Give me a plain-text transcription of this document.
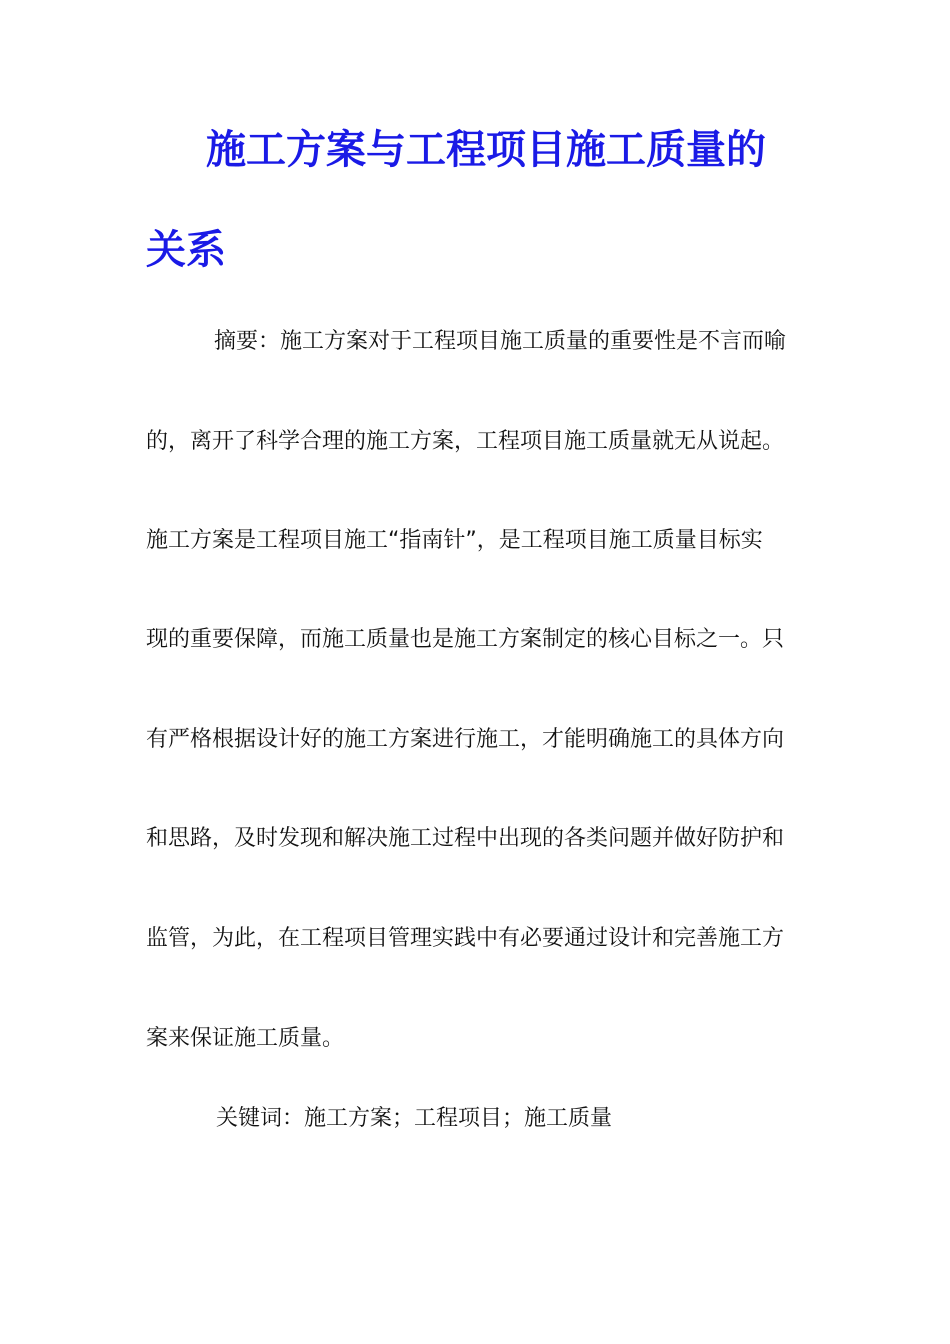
施工方案与工程项目施工质量的
关系

摘要：施工方案对于工程项目施工质量的重要性是不言而喻

的，离开了科学合理的施工方案，工程项目施工质量就无从说起。

施工方案是工程项目施工“指南针”，是工程项目施工质量目标实

现的重要保障，而施工质量也是施工方案制定的核心目标之一。只

有严格根据设计好的施工方案进行施工，才能明确施工的具体方向

和思路，及时发现和解决施工过程中出现的各类问题并做好防护和

监管，为此，在工程项目管理实践中有必要通过设计和完善施工方

案来保证施工质量。

关键词：施工方案；工程项目；施工质量
